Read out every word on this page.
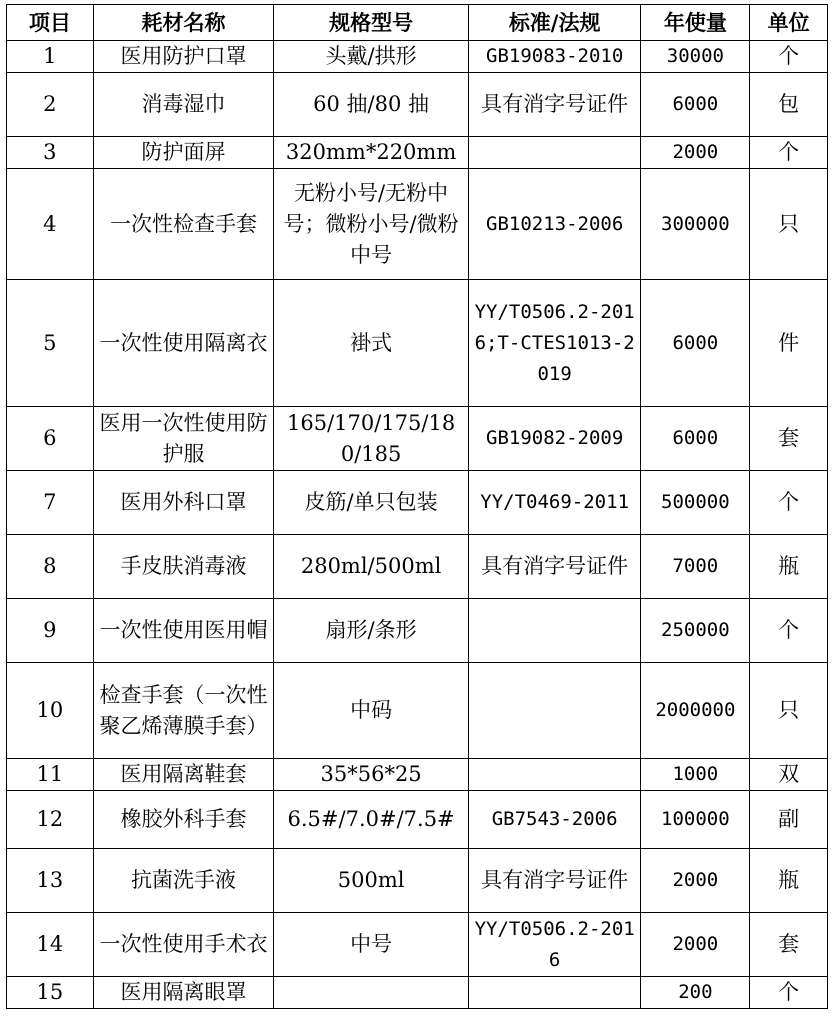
项目	耗材名称	规格型号	标准/法规	年使量	单位
1	医用防护口罩	头戴/拱形	GB19083-2010	30000	个
2	消毒湿巾	60 抽/80 抽	具有消字号证件	6000	包
3	防护面屏	320mm*220mm		2000	个
4	一次性检查手套	无粉小号/无粉中号；微粉小号/微粉中号	GB10213-2006	300000	只
5	一次性使用隔离衣	褂式	YY/T0506.2-2016;T-CTES1013-2019	6000	件
6	医用一次性使用防护服	165/170/175/180/185	GB19082-2009	6000	套
7	医用外科口罩	皮筋/单只包装	YY/T0469-2011	500000	个
8	手皮肤消毒液	280ml/500ml	具有消字号证件	7000	瓶
9	一次性使用医用帽	扇形/条形		250000	个
10	检查手套（一次性聚乙烯薄膜手套）	中码		2000000	只
11	医用隔离鞋套	35*56*25		1000	双
12	橡胶外科手套	6.5#/7.0#/7.5#	GB7543-2006	100000	副
13	抗菌洗手液	500ml	具有消字号证件	2000	瓶
14	一次性使用手术衣	中号	YY/T0506.2-2016	2000	套
15	医用隔离眼罩			200	个
